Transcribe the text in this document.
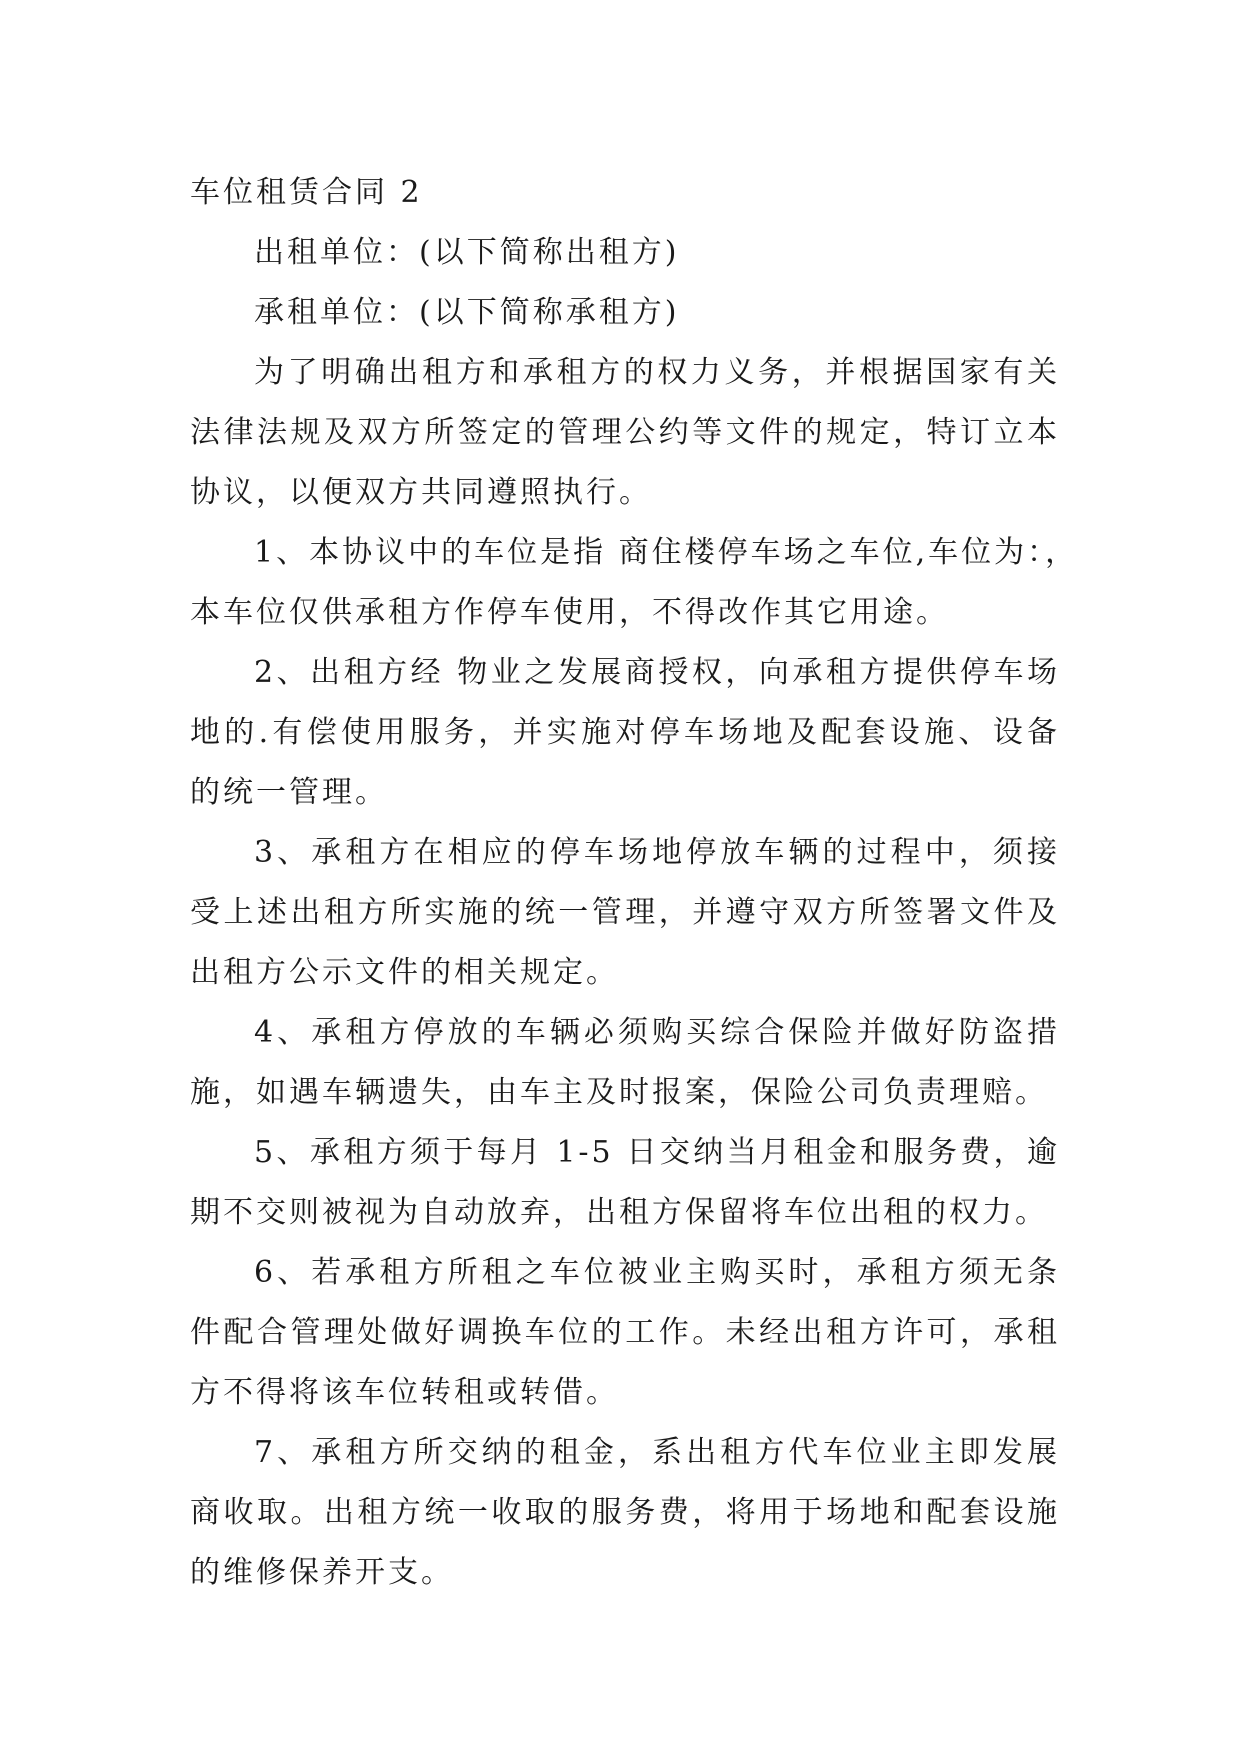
车位租赁合同 2
出租单位：(以下简称出租方)
承租单位：(以下简称承租方)
为了明确出租方和承租方的权力义务，并根据国家有关
法律法规及双方所签定的管理公约等文件的规定，特订立本
协议，以便双方共同遵照执行。
1、本协议中的车位是指 商住楼停车场之车位,车位为：，
本车位仅供承租方作停车使用，不得改作其它用途。
2、出租方经 物业之发展商授权，向承租方提供停车场
地的.有偿使用服务，并实施对停车场地及配套设施、设备
的统一管理。
3、承租方在相应的停车场地停放车辆的过程中，须接
受上述出租方所实施的统一管理，并遵守双方所签署文件及
出租方公示文件的相关规定。
4、承租方停放的车辆必须购买综合保险并做好防盗措
施，如遇车辆遗失，由车主及时报案，保险公司负责理赔。
5、承租方须于每月 1-5 日交纳当月租金和服务费，逾
期不交则被视为自动放弃，出租方保留将车位出租的权力。
6、若承租方所租之车位被业主购买时，承租方须无条
件配合管理处做好调换车位的工作。未经出租方许可，承租
方不得将该车位转租或转借。
7、承租方所交纳的租金，系出租方代车位业主即发展
商收取。出租方统一收取的服务费，将用于场地和配套设施
的维修保养开支。
